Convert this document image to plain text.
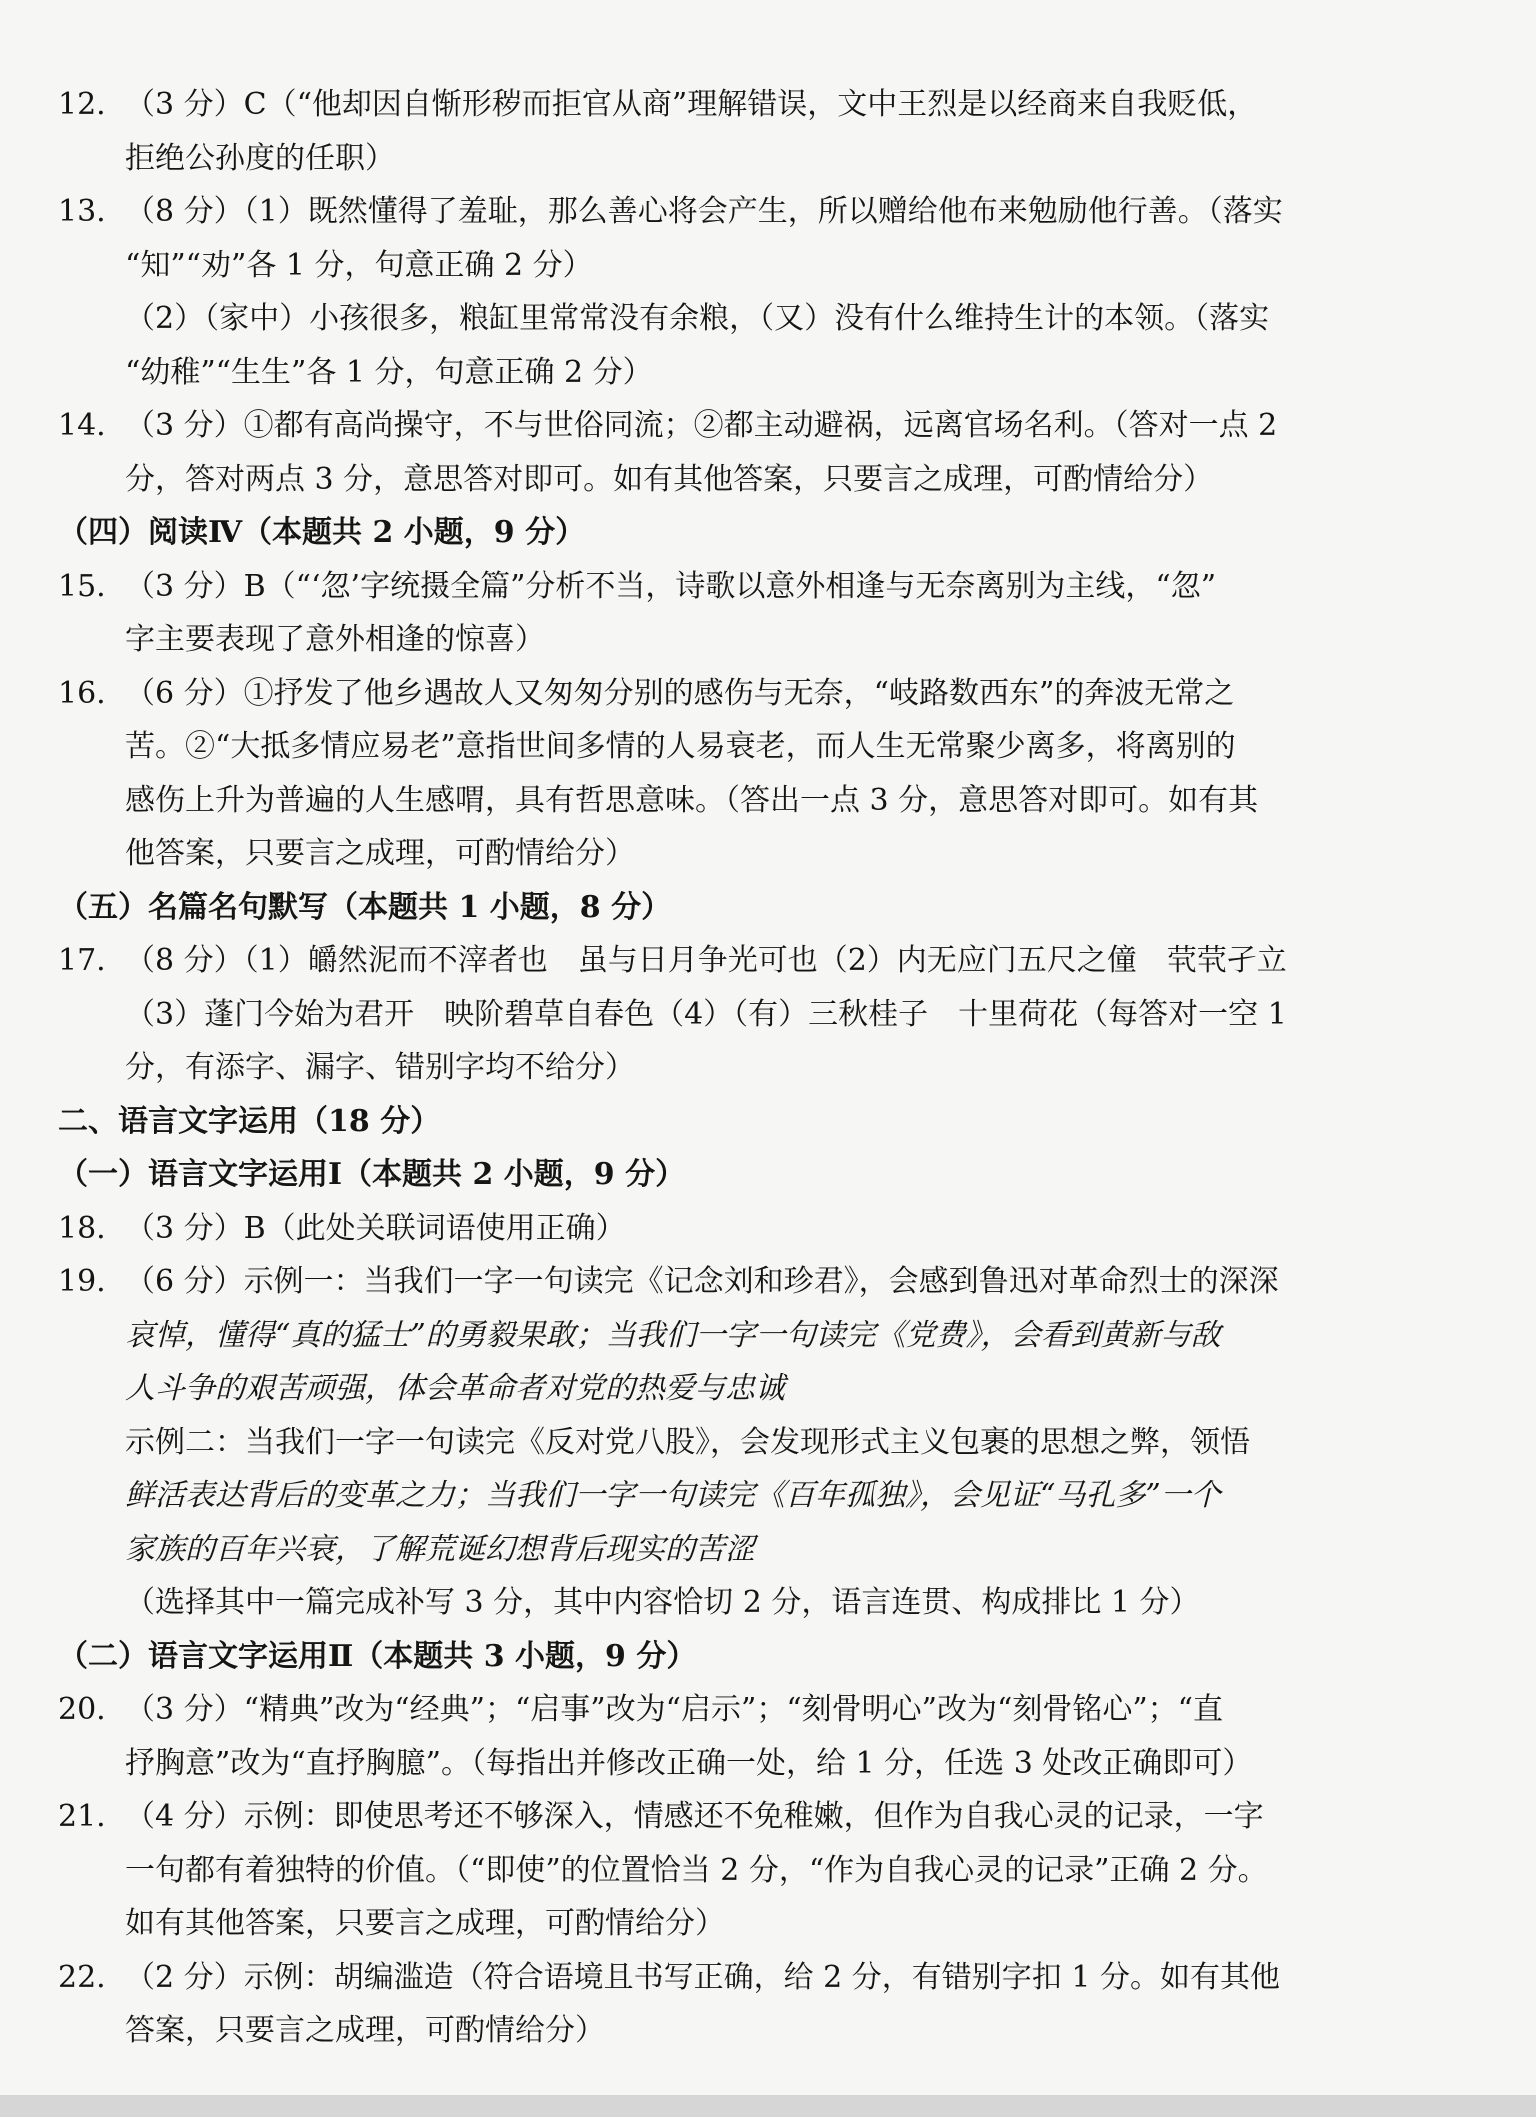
12. （3 分）C（“他却因自惭形秽而拒官从商”理解错误，文中王烈是以经商来自我贬低，
拒绝公孙度的任职）
13. （8 分）（1）既然懂得了羞耻，那么善心将会产生，所以赠给他布来勉励他行善。（落实
“知”“劝”各 1 分，句意正确 2 分）
（2）（家中）小孩很多，粮缸里常常没有余粮，（又）没有什么维持生计的本领。（落实
“幼稚”“生生”各 1 分，句意正确 2 分）
14. （3 分）①都有高尚操守，不与世俗同流；②都主动避祸，远离官场名利。（答对一点 2
分，答对两点 3 分，意思答对即可。如有其他答案，只要言之成理，可酌情给分）
（四）阅读Ⅳ（本题共 2 小题，9 分）
15. （3 分）B（“‘忽’字统摄全篇”分析不当，诗歌以意外相逢与无奈离别为主线，“忽”
字主要表现了意外相逢的惊喜）
16. （6 分）①抒发了他乡遇故人又匆匆分别的感伤与无奈，“岐路数西东”的奔波无常之
苦。②“大抵多情应易老”意指世间多情的人易衰老，而人生无常聚少离多，将离别的
感伤上升为普遍的人生感喟，具有哲思意味。（答出一点 3 分，意思答对即可。如有其
他答案，只要言之成理，可酌情给分）
（五）名篇名句默写（本题共 1 小题，8 分）
17. （8 分）（1）皭然泥而不滓者也　虽与日月争光可也（2）内无应门五尺之僮　茕茕孑立
（3）蓬门今始为君开　映阶碧草自春色（4）（有）三秋桂子　十里荷花（每答对一空 1
分，有添字、漏字、错别字均不给分）
二、语言文字运用（18 分）
（一）语言文字运用Ⅰ（本题共 2 小题，9 分）
18. （3 分）B（此处关联词语使用正确）
19. （6 分）示例一：当我们一字一句读完《记念刘和珍君》，会感到鲁迅对革命烈士的深深
哀悼，懂得“真的猛士”的勇毅果敢；当我们一字一句读完《党费》，会看到黄新与敌
人斗争的艰苦顽强，体会革命者对党的热爱与忠诚
示例二：当我们一字一句读完《反对党八股》，会发现形式主义包裹的思想之弊，领悟
鲜活表达背后的变革之力；当我们一字一句读完《百年孤独》，会见证“马孔多”一个
家族的百年兴衰，了解荒诞幻想背后现实的苦涩
（选择其中一篇完成补写 3 分，其中内容恰切 2 分，语言连贯、构成排比 1 分）
（二）语言文字运用Ⅱ（本题共 3 小题，9 分）
20. （3 分）“精典”改为“经典”；“启事”改为“启示”；“刻骨明心”改为“刻骨铭心”；“直
抒胸意”改为“直抒胸臆”。（每指出并修改正确一处，给 1 分，任选 3 处改正确即可）
21. （4 分）示例：即使思考还不够深入，情感还不免稚嫩，但作为自我心灵的记录，一字
一句都有着独特的价值。（“即使”的位置恰当 2 分，“作为自我心灵的记录”正确 2 分。
如有其他答案，只要言之成理，可酌情给分）
22. （2 分）示例：胡编滥造（符合语境且书写正确，给 2 分，有错别字扣 1 分。如有其他
答案，只要言之成理，可酌情给分）
